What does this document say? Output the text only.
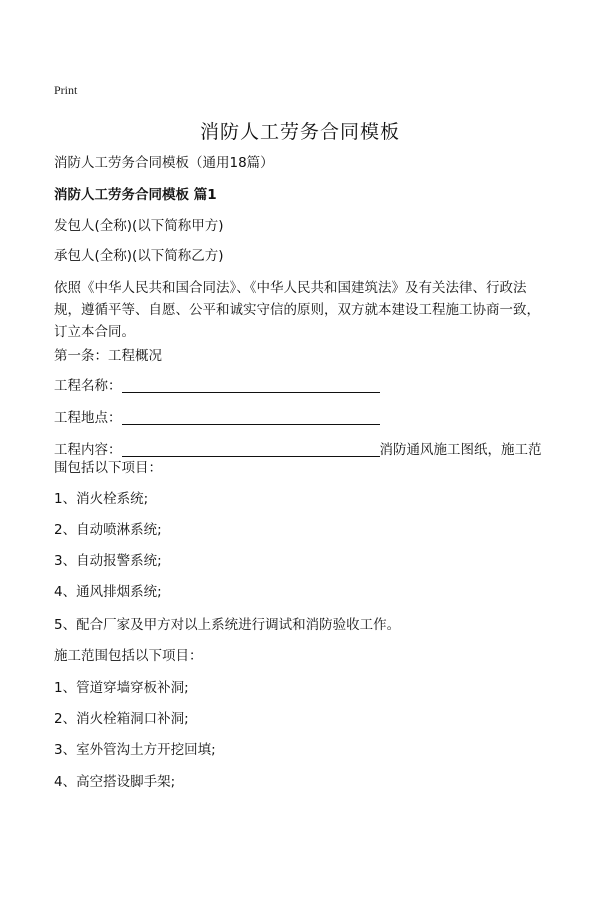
Print
消防人工劳务合同模板
消防人工劳务合同模板（通用18篇）
消防人工劳务合同模板 篇1
发包人(全称)(以下简称甲方)
承包人(全称)(以下简称乙方)
依照《中华人民共和国合同法》、《中华人民共和国建筑法》及有关法律、行政法
规，遵循平等、自愿、公平和诚实守信的原则，双方就本建设工程施工协商一致，
订立本合同。
第一条：工程概况
工程名称：
工程地点：
工程内容：	消防通风施工图纸，施工范
围包括以下项目：
1、消火栓系统;
2、自动喷淋系统;
3、自动报警系统;
4、通风排烟系统;
5、配合厂家及甲方对以上系统进行调试和消防验收工作。
施工范围包括以下项目：
1、管道穿墙穿板补洞;
2、消火栓箱洞口补洞;
3、室外管沟土方开挖回填;
4、高空搭设脚手架;
